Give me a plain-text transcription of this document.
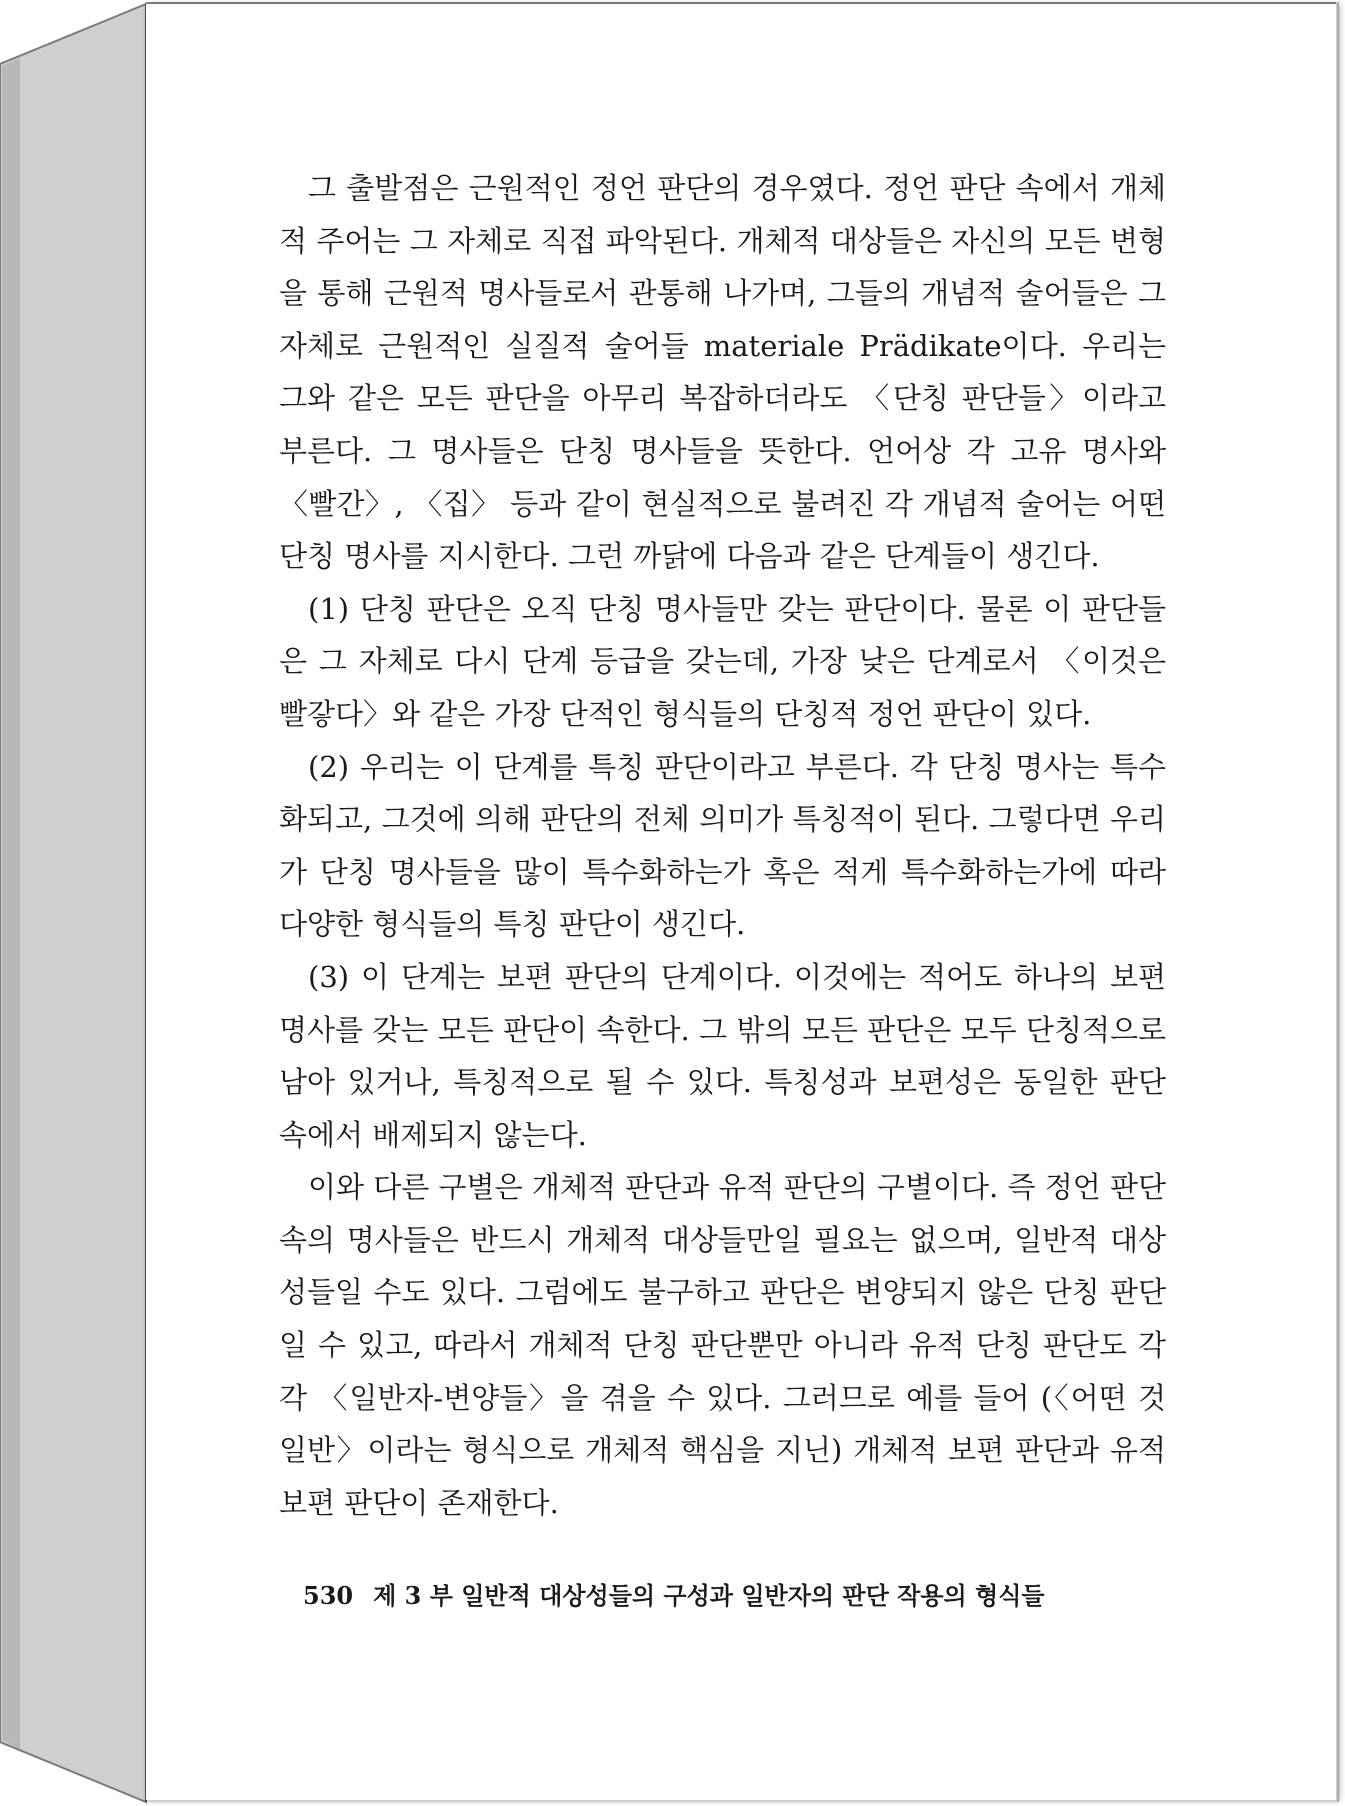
그 출발점은 근원적인 정언 판단의 경우였다. 정언 판단 속에서 개체적 주어는 그 자체로 직접 파악된다. 개체적 대상들은 자신의 모든 변형을 통해 근원적 명사들로서 관통해 나가며, 그들의 개념적 술어들은 그 자체로 근원적인 실질적 술어들 materiale Prädikate이다. 우리는 그와 같은 모든 판단을 아무리 복잡하더라도 〈단칭 판단들〉이라고 부른다. 그 명사들은 단칭 명사들을 뜻한다. 언어상 각 고유 명사와 〈빨간〉, 〈집〉 등과 같이 현실적으로 불려진 각 개념적 술어는 어떤 단칭 명사를 지시한다. 그런 까닭에 다음과 같은 단계들이 생긴다.

(1) 단칭 판단은 오직 단칭 명사들만 갖는 판단이다. 물론 이 판단들은 그 자체로 다시 단계 등급을 갖는데, 가장 낮은 단계로서 〈이것은 빨갛다〉와 같은 가장 단적인 형식들의 단칭적 정언 판단이 있다.

(2) 우리는 이 단계를 특칭 판단이라고 부른다. 각 단칭 명사는 특수화되고, 그것에 의해 판단의 전체 의미가 특칭적이 된다. 그렇다면 우리가 단칭 명사들을 많이 특수화하는가 혹은 적게 특수화하는가에 따라 다양한 형식들의 특칭 판단이 생긴다.

(3) 이 단계는 보편 판단의 단계이다. 이것에는 적어도 하나의 보편 명사를 갖는 모든 판단이 속한다. 그 밖의 모든 판단은 모두 단칭적으로 남아 있거나, 특칭적으로 될 수 있다. 특칭성과 보편성은 동일한 판단 속에서 배제되지 않는다.

이와 다른 구별은 개체적 판단과 유적 판단의 구별이다. 즉 정언 판단 속의 명사들은 반드시 개체적 대상들만일 필요는 없으며, 일반적 대상성들일 수도 있다. 그럼에도 불구하고 판단은 변양되지 않은 단칭 판단일 수 있고, 따라서 개체적 단칭 판단뿐만 아니라 유적 단칭 판단도 각각 〈일반자-변양들〉을 겪을 수 있다. 그러므로 예를 들어 (〈어떤 것 일반〉이라는 형식으로 개체적 핵심을 지닌) 개체적 보편 판단과 유적 보편 판단이 존재한다.

530 제 3 부 일반적 대상성들의 구성과 일반자의 판단 작용의 형식들
